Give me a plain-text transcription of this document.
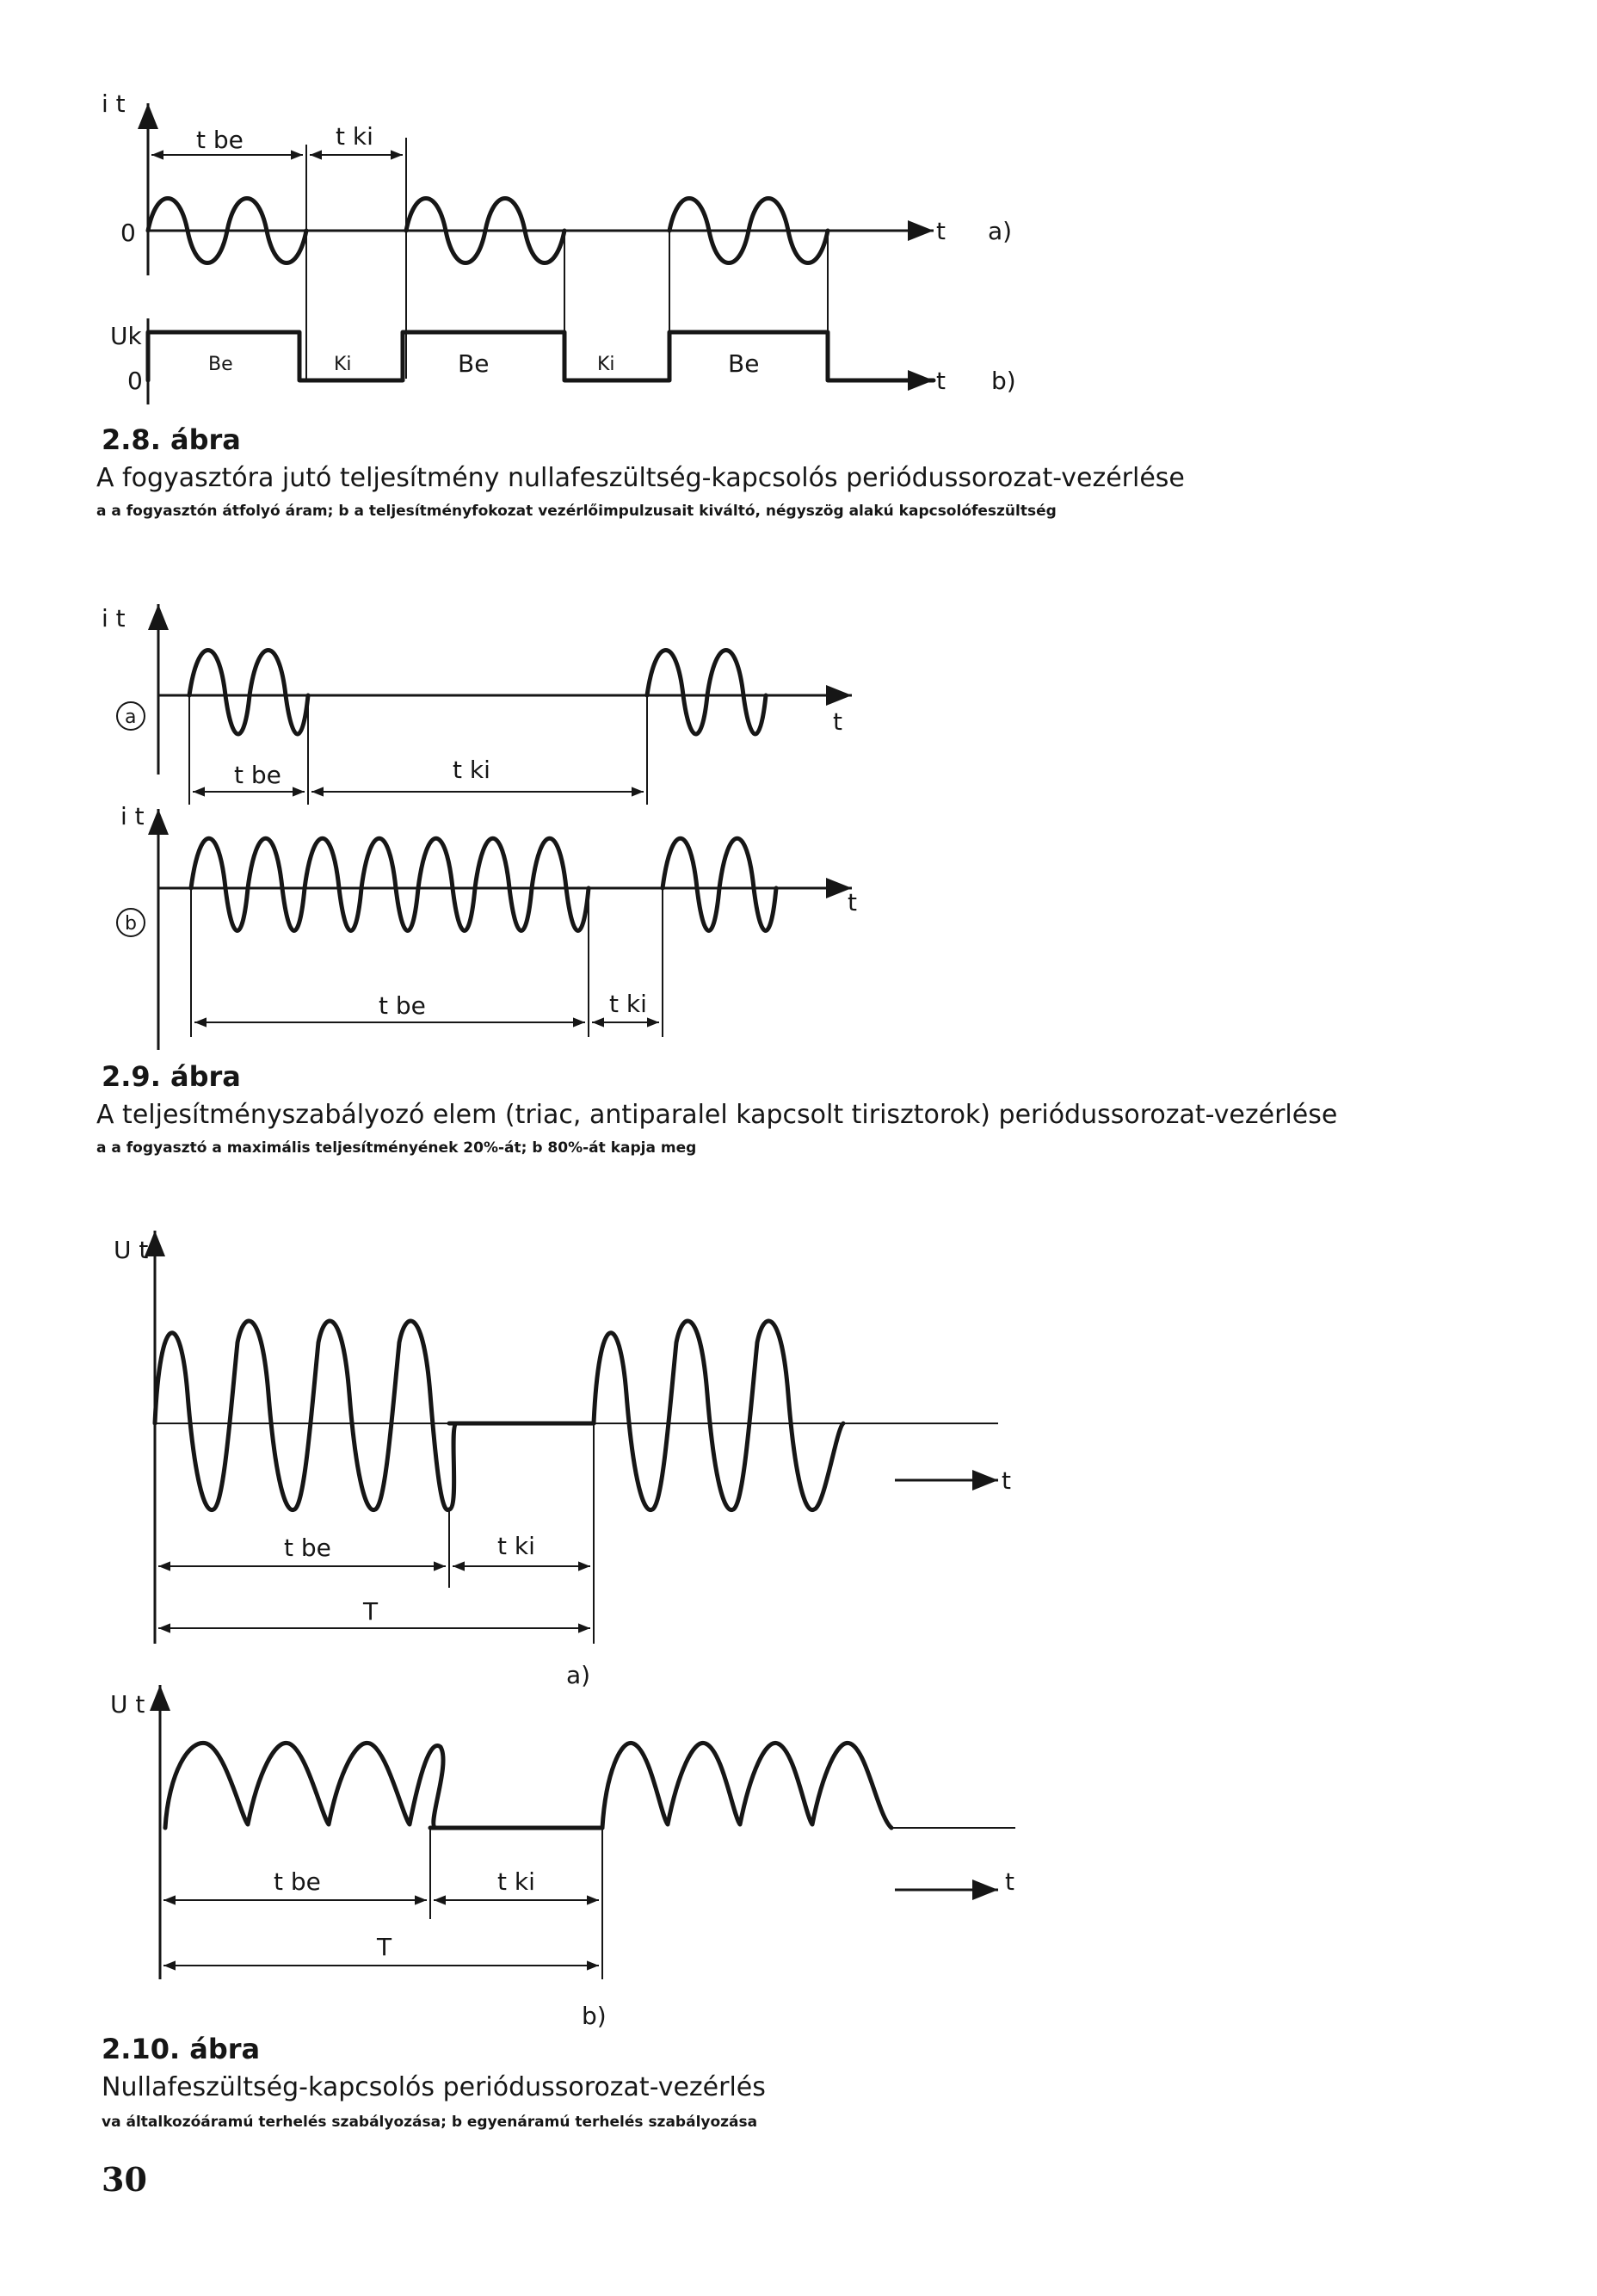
i t
0	t a)
t be	t ki
Uk
0	t b)
Be	Ki	Be	Ki	Be
2.8. ábra
A fogyasztóra jutó teljesítmény nullafeszültség-kapcsolós periódussorozat-vezérlése
a a fogyasztón átfolyó áram; b a teljesítményfokozat vezérlőimpulzusait kiváltó, négyszög alakú kapcsolófeszültség
i t
a	t
t be	t ki
i t
b
t
t be	t ki
2.9. ábra
A teljesítményszabályozó elem (triac, antiparalel kapcsolt tirisztorok) periódussorozat-vezérlése
a a fogyasztó a maximális teljesítményének 20%-át; b 80%-át kapja meg
U t
t
t be	t ki
T
a)
U t
t
t be	t ki
T
b)
2.10. ábra
Nullafeszültség-kapcsolós periódussorozat-vezérlés
va általkozóáramú terhelés szabályozása; b egyenáramú terhelés szabályozása
30
